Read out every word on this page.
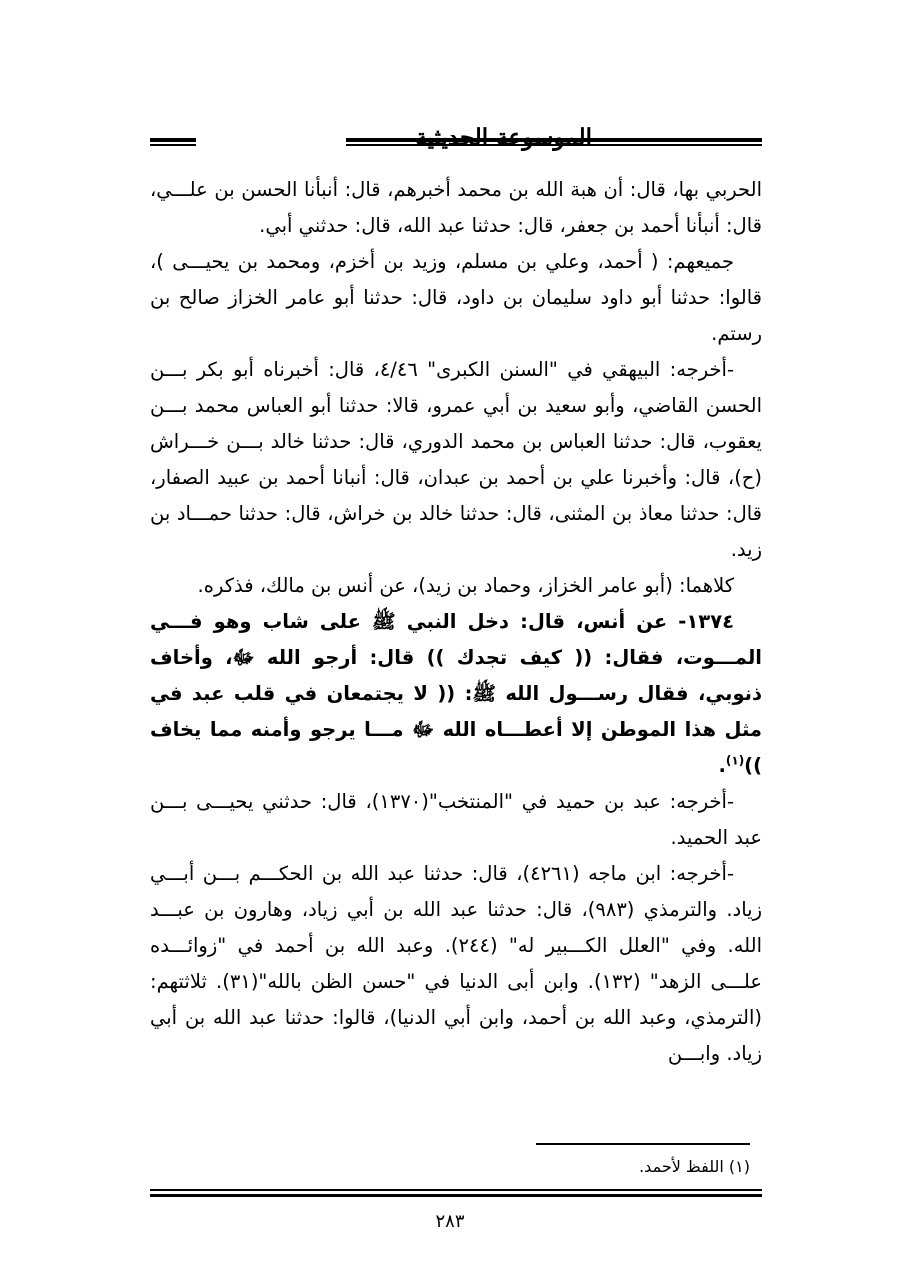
الموسوعة الحديثية

الحربي بها، قال: أن هبة الله بن محمد أخبرهم، قال: أنبأنا الحسن بن علـــي، قال: أنبأنا أحمد بن جعفر، قال: حدثنا عبد الله، قال: حدثني أبي.

جميعهم: ( أحمد، وعلي بن مسلم، وزيد بن أخزم، ومحمد بن يحيـــى )، قالوا: حدثنا أبو داود سليمان بن داود، قال: حدثنا أبو عامر الخزاز صالح بن رستم.

-أخرجه: البيهقي في "السنن الكبرى" ٤/٤٦، قال: أخبرناه أبو بكر بـــن الحسن القاضي، وأبو سعيد بن أبي عمرو، قالا: حدثنا أبو العباس محمد بـــن يعقوب، قال: حدثنا العباس بن محمد الدوري، قال: حدثنا خالد بـــن خـــراش (ح)، قال: وأخبرنا علي بن أحمد بن عبدان، قال: أنبانا أحمد بن عبيد الصفار، قال: حدثنا معاذ بن المثنى، قال: حدثنا خالد بن خراش، قال: حدثنا حمـــاد بن زيد.

كلاهما: (أبو عامر الخزاز، وحماد بن زيد)، عن أنس بن مالك، فذكره.

١٣٧٤- عن أنس، قال: دخل النبي ﷺ على شاب وهو فـــي المـــوت، فقال: (( كيف تجدك )) قال: أرجو الله ﷻ، وأخاف ذنوبي، فقال رســـول الله ﷺ: (( لا يجتمعان في قلب عبد في مثل هذا الموطن إلا أعطـــاه الله ﷻ مـــا يرجو وأمنه مما يخاف ))$^{(١)}$.

-أخرجه: عبد بن حميد في "المنتخب"(١٣٧٠)، قال: حدثني يحيـــى بـــن عبد الحميد.

-أخرجه: ابن ماجه (٤٢٦١)، قال: حدثنا عبد الله بن الحكـــم بـــن أبـــي زياد. والترمذي (٩٨٣)، قال: حدثنا عبد الله بن أبي زياد، وهارون بن عبـــد الله. وفي "العلل الكـــبير له" (٢٤٤). وعبد الله بن أحمد في "زوائـــده علـــى الزهد" (١٣٢). وابن أبى الدنيا في "حسن الظن بالله"(٣١). ثلاثتهم: (الترمذي، وعبد الله بن أحمد، وابن أبي الدنيا)، قالوا: حدثنا عبد الله بن أبي زياد. وابـــن

(١) اللفظ لأحمد.
٢٨٣
